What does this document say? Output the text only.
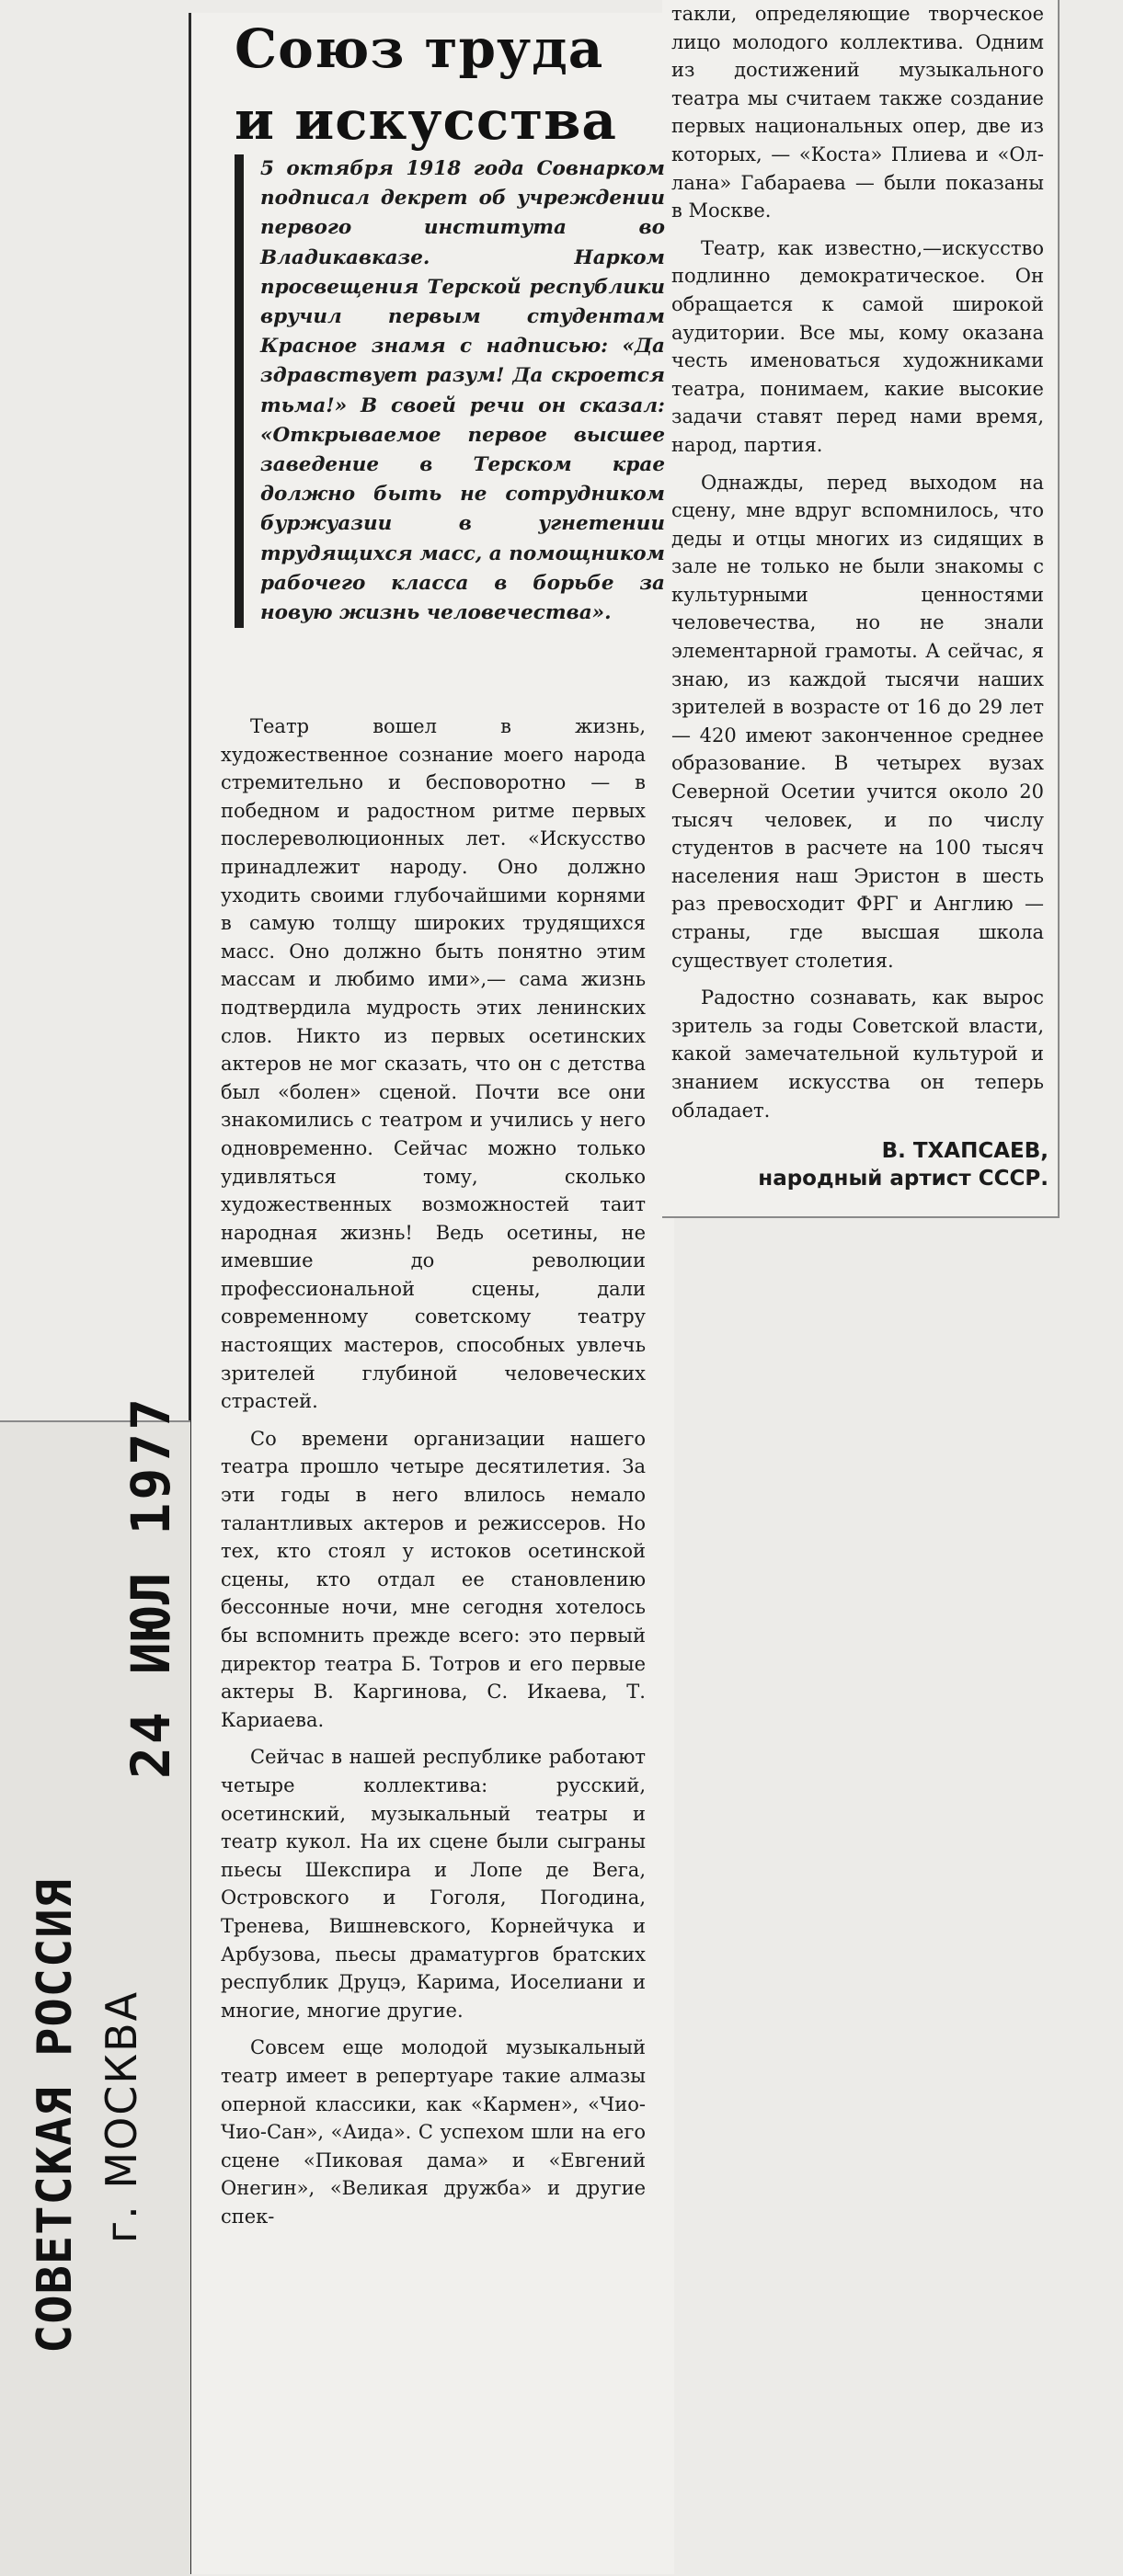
СОВЕТСКАЯ РОССИЯ г. МОСКВА
24 ИЮЛ 1977
Союз труда и искусства

5 октября 1918 года Совнарком подписал декрет об учреждении первого института во Владикавказе. Нарком просвещения Терской республики вручил первым студентам Красное знамя с надписью: «Да здравствует разум! Да скроется тьма!» В своей речи он сказал: «Открываемое первое высшее заведение в Терском крае должно быть не сотрудником буржуазии в угнетении трудящихся масс, а помощником рабочего класса в борьбе за новую жизнь человечества».

Театр вошел в жизнь, художественное сознание моего народа стремительно и бесповоротно — в победном и радостном ритме первых послереволюционных лет. «Искусство принадлежит народу. Оно должно уходить своими глубочайшими корнями в самую толщу широких трудящихся масс. Оно должно быть понятно этим массам и любимо ими»,— сама жизнь подтвердила мудрость этих ленинских слов. Никто из первых осетинских актеров не мог сказать, что он с детства был «болен» сценой. Почти все они знакомились с театром и учились у него одновременно. Сейчас можно только удивляться тому, сколько художественных возможностей таит народная жизнь! Ведь осетины, не имевшие до революции профессиональной сцены, дали современному советскому театру настоящих мастеров, способных увлечь зрителей глубиной человеческих страстей.

Со времени организации нашего театра прошло четыре десятилетия. За эти годы в него влилось немало талантливых актеров и режиссеров. Но тех, кто стоял у истоков осетинской сцены, кто отдал ее становлению бессонные ночи, мне сегодня хотелось бы вспомнить прежде всего: это первый директор театра Б. Тотров и его первые актеры В. Каргинова, С. Икаева, Т. Кариаева.

Сейчас в нашей республике работают четыре коллектива: русский, осетинский, музыкальный театры и театр кукол. На их сцене были сыграны пьесы Шекспира и Лопе де Вега, Островского и Гоголя, Погодина, Тренева, Вишневского, Корнейчука и Арбузова, пьесы драматургов братских республик Друцэ, Карима, Иоселиани и многие, многие другие.

Совсем еще молодой музыкальный театр имеет в репертуаре такие алмазы оперной классики, как «Кармен», «Чио-Чио-Сан», «Аида». С успехом шли на его сцене «Пиковая дама» и «Евгений Онегин», «Великая дружба» и другие спек-

такли, определяющие творческое лицо молодого коллектива. Одним из достижений музыкального театра мы считаем также создание первых национальных опер, две из которых, — «Коста» Плиева и «Ол-лана» Габараева — были показаны в Москве.

Театр, как известно,—искусство подлинно демократическое. Он обращается к самой широкой аудитории. Все мы, кому оказана честь именоваться художниками театра, понимаем, какие высокие задачи ставят перед нами время, народ, партия.

Однажды, перед выходом на сцену, мне вдруг вспомнилось, что деды и отцы многих из сидящих в зале не только не были знакомы с культурными ценностями человечества, но не знали элементарной грамоты. А сейчас, я знаю, из каждой тысячи наших зрителей в возрасте от 16 до 29 лет — 420 имеют законченное среднее образование. В четырех вузах Северной Осетии учится около 20 тысяч человек, и по числу студентов в расчете на 100 тысяч населения наш Эристон в шесть раз превосходит ФРГ и Англию — страны, где высшая школа существует столетия.

Радостно сознавать, как вырос зритель за годы Советской власти, какой замечательной культурой и знанием искусства он теперь обладает.

В. ТХАПСАЕВ,
народный артист СССР.
